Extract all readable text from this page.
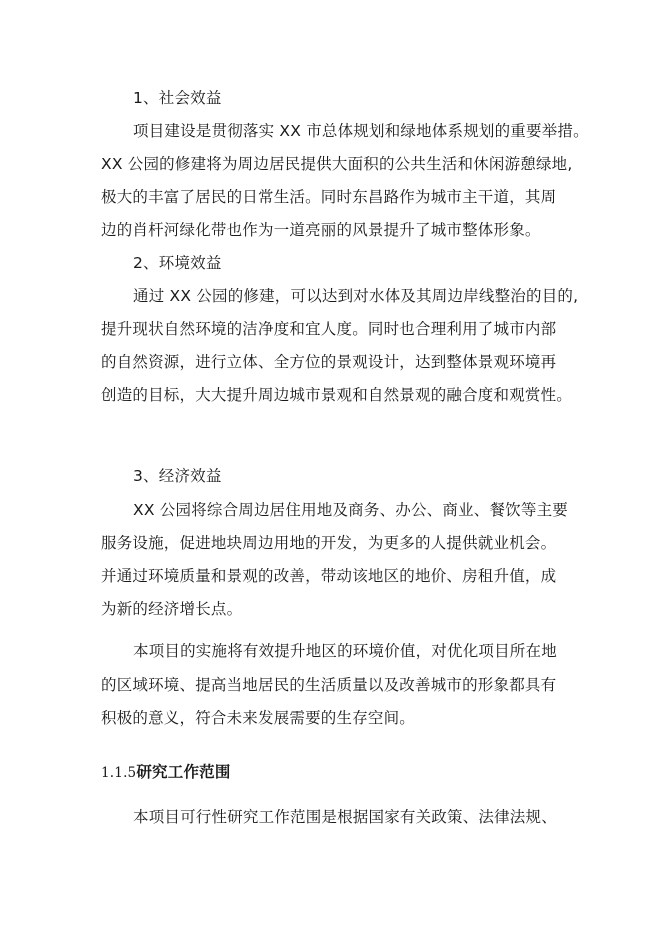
1、社会效益
项目建设是贯彻落实 XX 市总体规划和绿地体系规划的重要举措。
XX 公园的修建将为周边居民提供大面积的公共生活和休闲游憩绿地,
极大的丰富了居民的日常生活。同时东昌路作为城市主干道，其周
边的肖杆河绿化带也作为一道亮丽的风景提升了城市整体形象。
2、环境效益
通过 XX 公园的修建，可以达到对水体及其周边岸线整治的目的,
提升现状自然环境的洁净度和宜人度。同时也合理利用了城市内部
的自然资源，进行立体、全方位的景观设计，达到整体景观环境再
创造的目标，大大提升周边城市景观和自然景观的融合度和观赏性。
3、经济效益
XX 公园将综合周边居住用地及商务、办公、商业、餐饮等主要
服务设施，促进地块周边用地的开发，为更多的人提供就业机会。
并通过环境质量和景观的改善，带动该地区的地价、房租升值，成
为新的经济增长点。
本项目的实施将有效提升地区的环境价值，对优化项目所在地
的区域环境、提高当地居民的生活质量以及改善城市的形象都具有
积极的意义，符合未来发展需要的生存空间。
1.1.5研究工作范围
本项目可行性研究工作范围是根据国家有关政策、法律法规、
